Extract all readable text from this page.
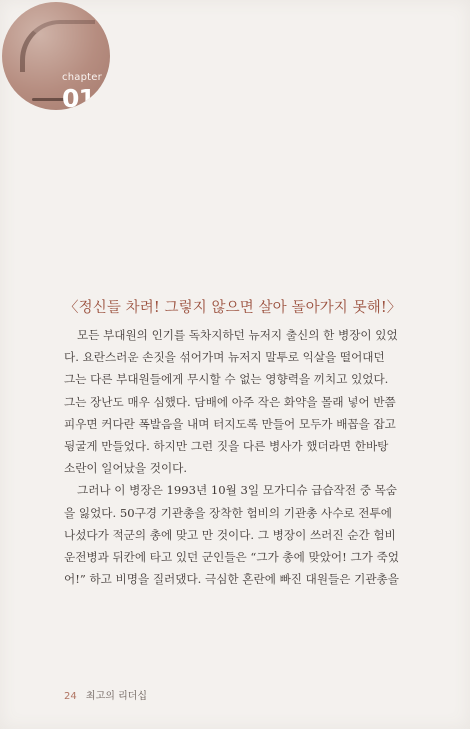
chapter
01
〈정신들 차려! 그렇지 않으면 살아 돌아가지 못해!〉

모든 부대원의 인기를 독차지하던 뉴저지 출신의 한 병장이 있었
다. 요란스러운 손짓을 섞어가며 뉴저지 말투로 익살을 떨어대던
그는 다른 부대원들에게 무시할 수 없는 영향력을 끼치고 있었다.
그는 장난도 매우 심했다. 담배에 아주 작은 화약을 몰래 넣어 반쯤
피우면 커다란 폭발음을 내며 터지도록 만들어 모두가 배꼽을 잡고
뒹굴게 만들었다. 하지만 그런 짓을 다른 병사가 했더라면 한바탕
소란이 일어났을 것이다.

그러나 이 병장은 1993년 10월 3일 모가디슈 급습작전 중 목숨
을 잃었다. 50구경 기관총을 장착한 험비의 기관총 사수로 전투에
나섰다가 적군의 총에 맞고 만 것이다. 그 병장이 쓰러진 순간 험비
운전병과 뒤칸에 타고 있던 군인들은 “그가 총에 맞았어! 그가 죽었
어!” 하고 비명을 질러댔다. 극심한 혼란에 빠진 대원들은 기관총을

24 최고의 리더십
